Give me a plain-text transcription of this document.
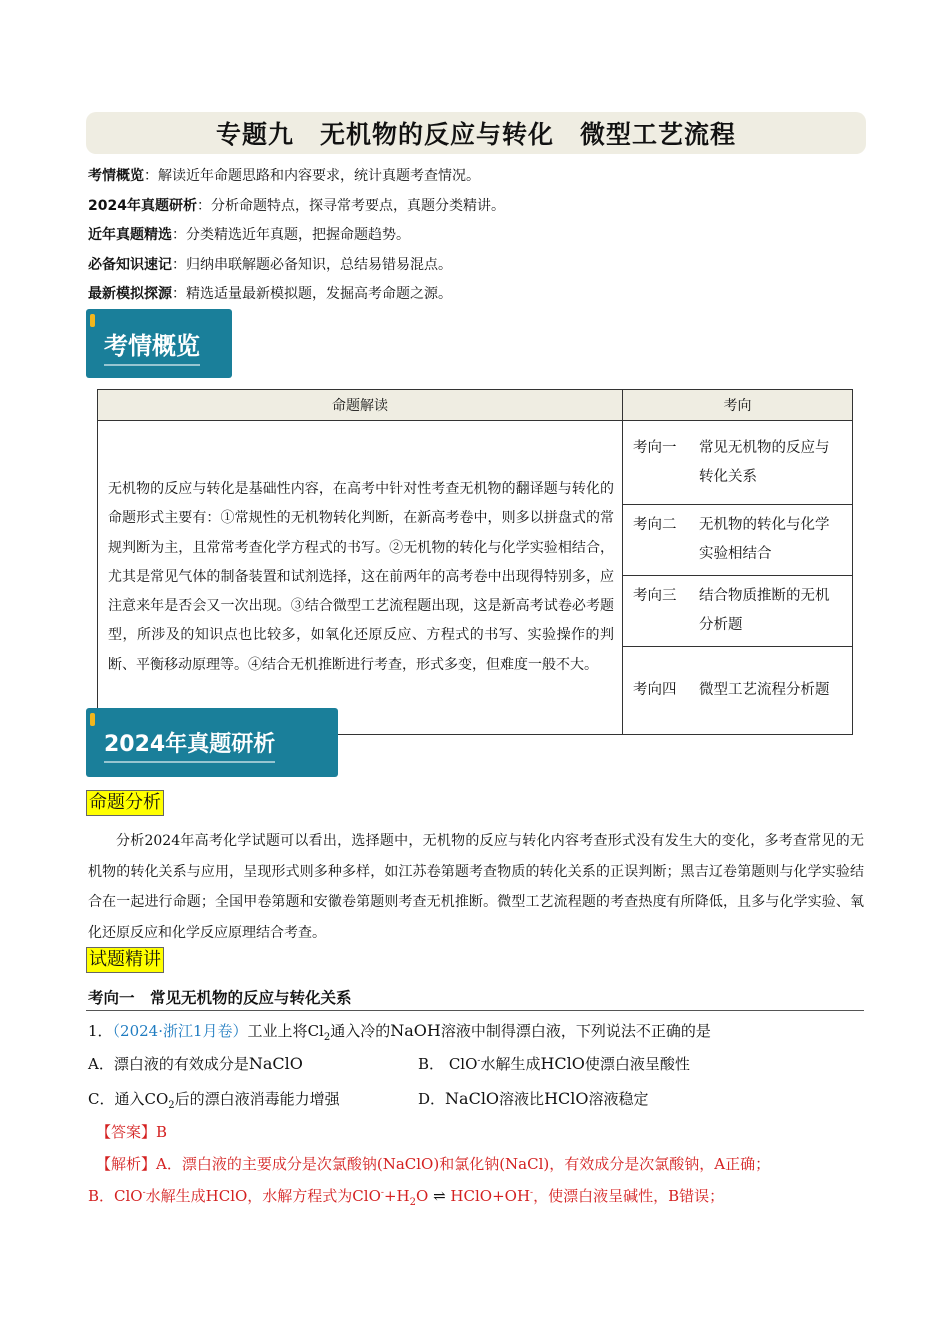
专题九　无机物的反应与转化　微型工艺流程
考情概览：解读近年命题思路和内容要求，统计真题考查情况。
2024年真题研析：分析命题特点，探寻常考要点，真题分类精讲。
近年真题精选：分类精选近年真题，把握命题趋势。
必备知识速记：归纳串联解题必备知识，总结易错易混点。
最新模拟探源：精选适量最新模拟题，发掘高考命题之源。
考情概览
命题解读	考向
无机物的反应与转化是基础性内容，在高考中针对性考查无机物的翻译题与转化的命题形式主要有：①常规性的无机物转化判断，在新高考卷中，则多以拼盘式的常规判断为主，且常常考查化学方程式的书写。②无机物的转化与化学实验相结合，尤其是常见气体的制备装置和试剂选择，这在前两年的高考卷中出现得特别多，应注意来年是否会又一次出现。③结合微型工艺流程题出现，这是新高考试卷必考题型，所涉及的知识点也比较多，如氧化还原反应、方程式的书写、实验操作的判断、平衡移动原理等。④结合无机推断进行考查，形式多变，但难度一般不大。	考向一 常见无机物的反应与转化关系

	考向二 无机物的转化与化学实验相结合

	考向三 结合物质推断的无机分析题

	考向四 微型工艺流程分析题
2024年真题研析
命题分析
分析2024年高考化学试题可以看出，选择题中，无机物的反应与转化内容考查形式没有发生大的变化，多考查常见的无机物的转化关系与应用，呈现形式则多种多样，如江苏卷第题考查物质的转化关系的正误判断；黑吉辽卷第题则与化学实验结合在一起进行命题；全国甲卷第题和安徽卷第题则考查无机推断。微型工艺流程题的考查热度有所降低，且多与化学实验、氧化还原反应和化学反应原理结合考查。
试题精讲
考向一　常见无机物的反应与转化关系
1．（2024·浙江1月卷）工业上将$Cl_2$通入冷的NaOH溶液中制得漂白液，下列说法不正确的是
A．漂白液的有效成分是NaClO	B． ClO-水解生成HClO使漂白液呈酸性
C．通入$CO_2$后的漂白液消毒能力增强	D．NaClO溶液比HClO溶液稳定
【答案】B
【解析】A．漂白液的主要成分是次氯酸钠(NaClO)和氯化钠(NaCl)，有效成分是次氯酸钠，A正确；
B．ClO-水解生成HClO，水解方程式为$ClO^-+H_2O$ ⇌ HClO+OH-，使漂白液呈碱性，B错误；
